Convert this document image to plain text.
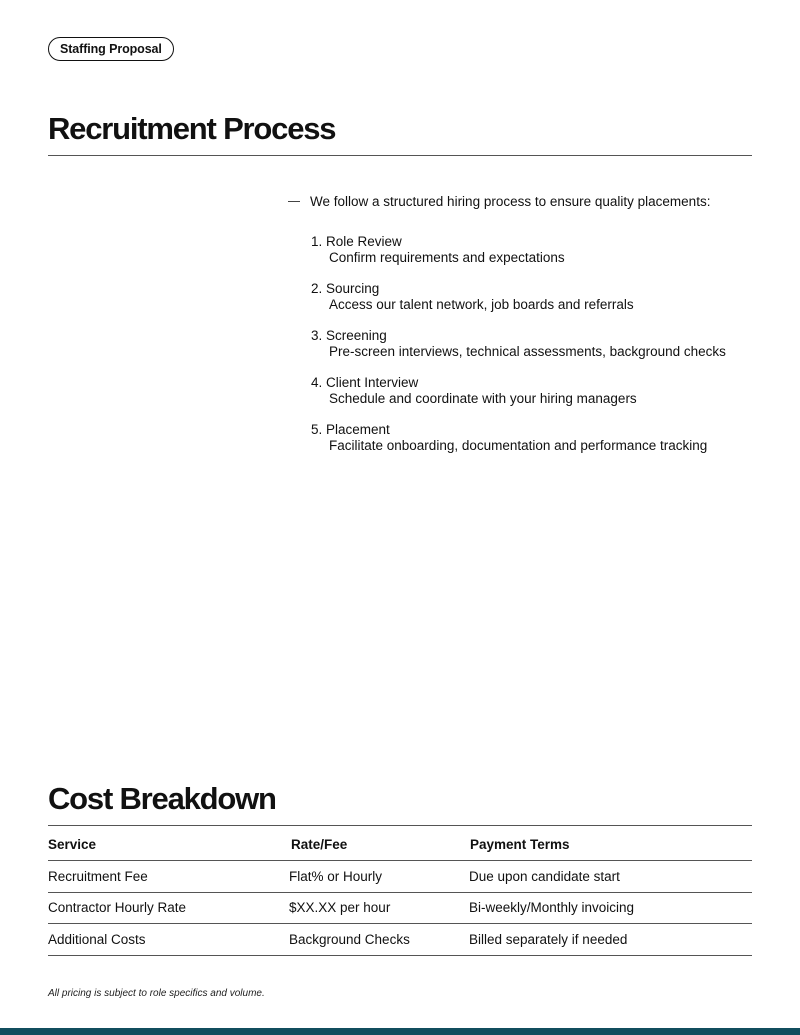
Staffing Proposal
Recruitment Process
We follow a structured hiring process to ensure quality placements:
1. Role Review
Confirm requirements and expectations
2. Sourcing
Access our talent network, job boards and referrals
3. Screening
Pre-screen interviews, technical assessments, background checks
4. Client Interview
Schedule and coordinate with your hiring managers
5. Placement
Facilitate onboarding, documentation and performance tracking
Cost Breakdown
Service	Rate/Fee	Payment Terms
Recruitment Fee	Flat% or Hourly	Due upon candidate start
Contractor Hourly Rate	$XX.XX per hour	Bi-weekly/Monthly invoicing
Additional Costs	Background Checks	Billed separately if needed
All pricing is subject to role specifics and volume.
